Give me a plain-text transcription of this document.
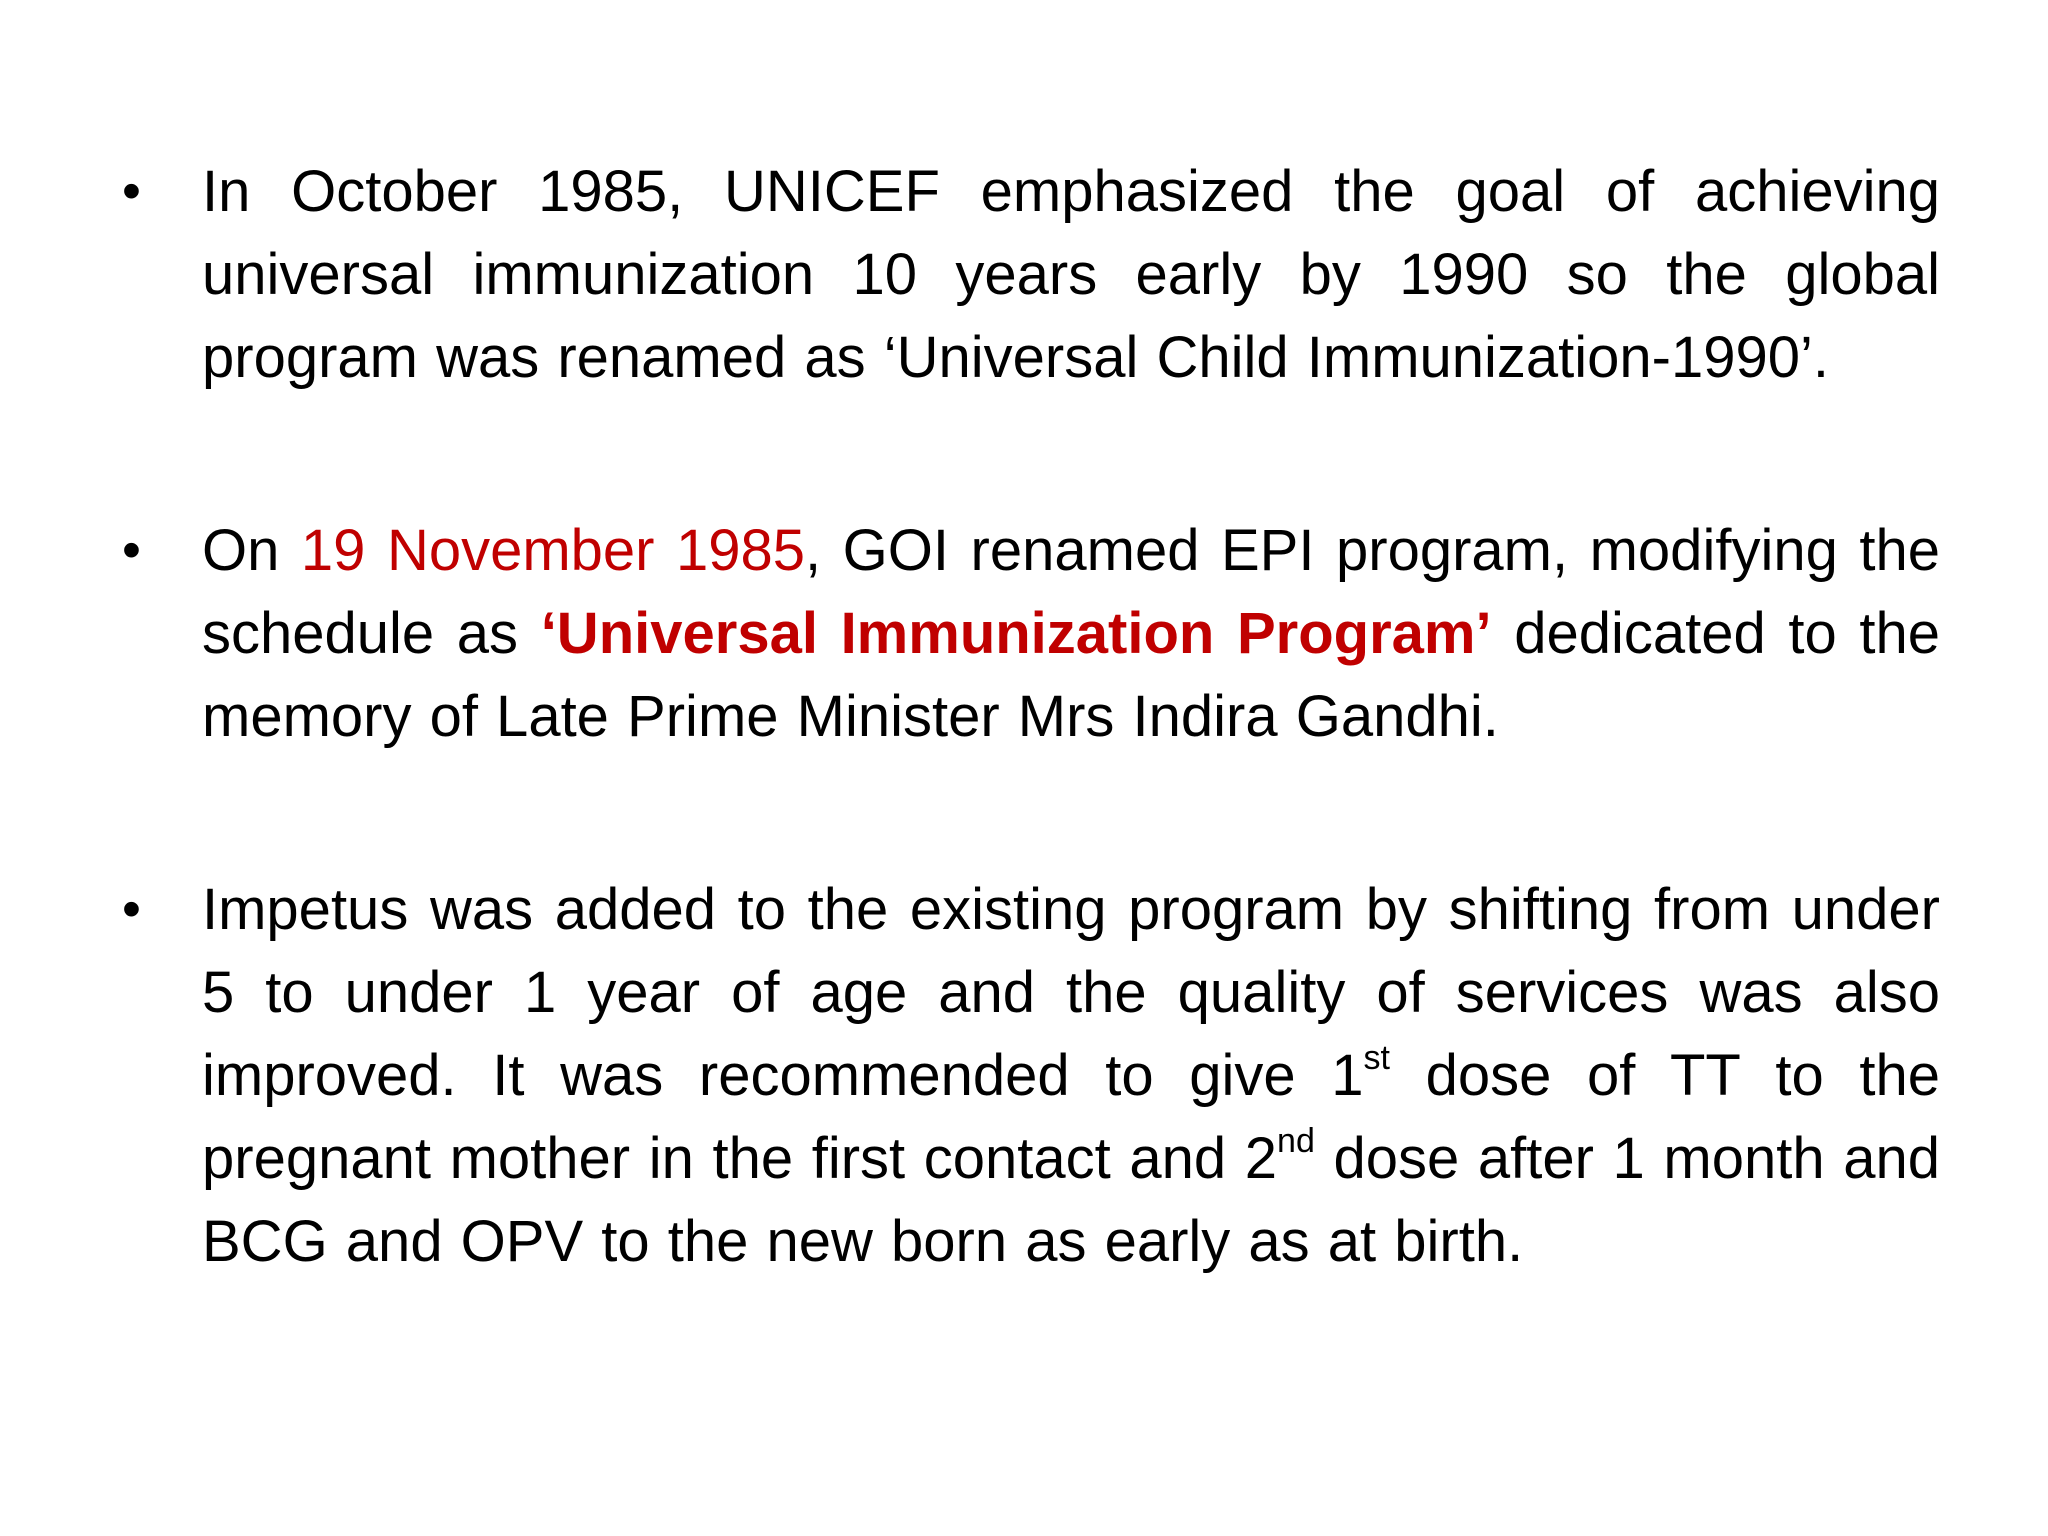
•	In October 1985, UNICEF emphasized the goal of achieving universal immunization 10 years early by 1990 so the global program was renamed as ‘Universal Child Immunization-1990’.
•	On 19 November 1985, GOI renamed EPI program, modifying the schedule as ‘Universal Immunization Program’ dedicated to the memory of Late Prime Minister Mrs Indira Gandhi.
•	Impetus was added to the existing program by shifting from under 5 to under 1 year of age and the quality of services was also improved. It was recommended to give 1st dose of TT to the pregnant mother in the first contact and 2nd dose after 1 month and BCG and OPV to the new born as early as at birth.
